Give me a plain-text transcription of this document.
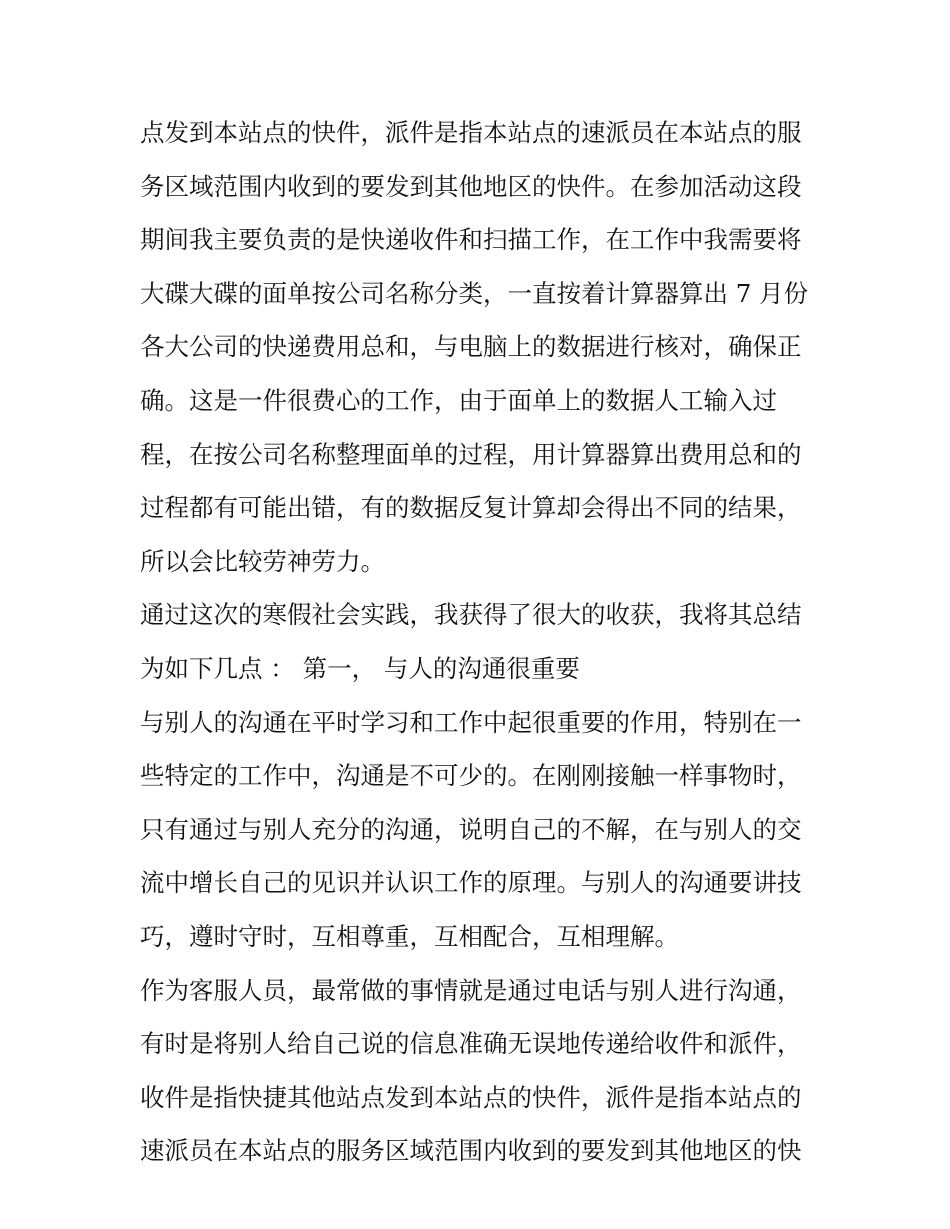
点发到本站点的快件，派件是指本站点的速派员在本站点的服
务区域范围内收到的要发到其他地区的快件。在参加活动这段
期间我主要负责的是快递收件和扫描工作，在工作中我需要将
大碟大碟的面单按公司名称分类，一直按着计算器算出 7 月份
各大公司的快递费用总和，与电脑上的数据进行核对，确保正
确。这是一件很费心的工作，由于面单上的数据人工输入过
程，在按公司名称整理面单的过程，用计算器算出费用总和的
过程都有可能出错，有的数据反复计算却会得出不同的结果，
所以会比较劳神劳力。
通过这次的寒假社会实践，我获得了很大的收获，我将其总结
为如下几点 ： 第一， 与人的沟通很重要
与别人的沟通在平时学习和工作中起很重要的作用，特别在一
些特定的工作中，沟通是不可少的。在刚刚接触一样事物时，
只有通过与别人充分的沟通，说明自己的不解，在与别人的交
流中增长自己的见识并认识工作的原理。与别人的沟通要讲技
巧，遵时守时，互相尊重，互相配合，互相理解。
作为客服人员，最常做的事情就是通过电话与别人进行沟通，
有时是将别人给自己说的信息准确无误地传递给收件和派件，
收件是指快捷其他站点发到本站点的快件，派件是指本站点的
速派员在本站点的服务区域范围内收到的要发到其他地区的快
